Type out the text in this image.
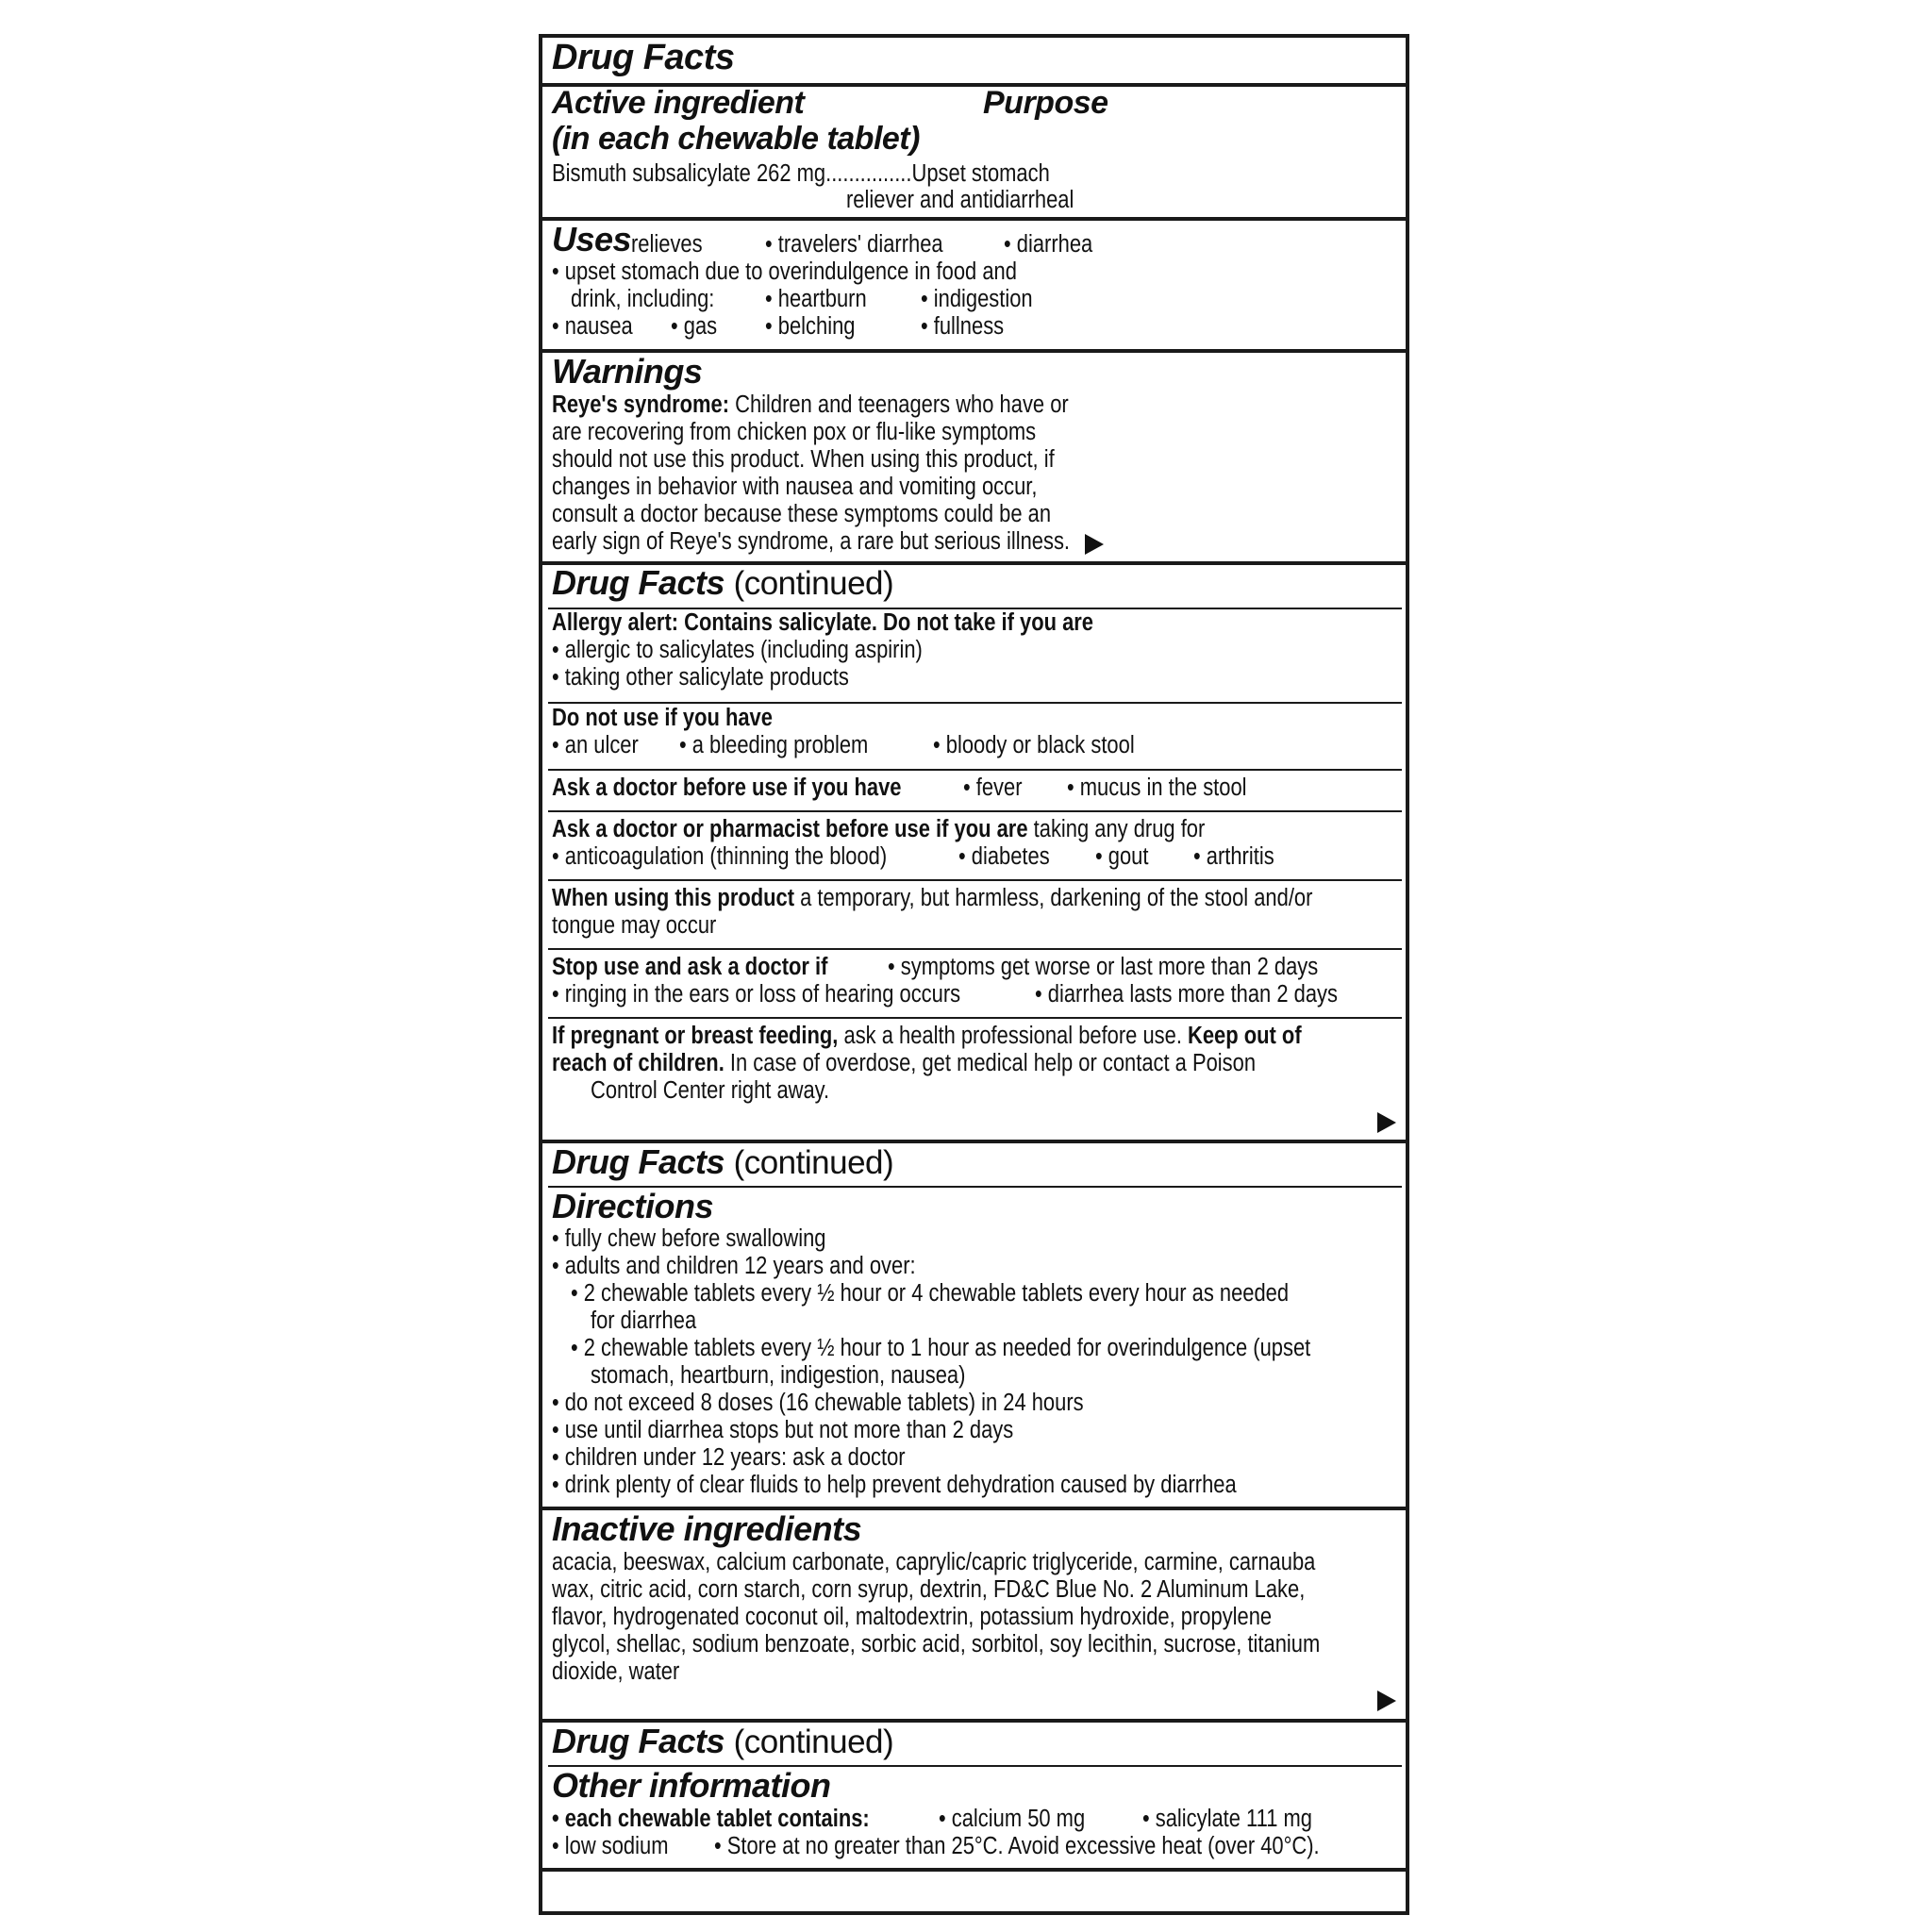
Drug Facts
Active ingredient	Purpose
(in each chewable tablet)
Bismuth subsalicylate 262 mg...............Upset stomach
reliever and antidiarrheal
Uses relieves	• travelers' diarrhea	• diarrhea
• upset stomach due to overindulgence in food and
drink, including: • heartburn • indigestion
• nausea • gas • belching	• fullness
Warnings
Reye's syndrome: Children and teenagers who have or
are recovering from chicken pox or flu-like symptoms
should not use this product. When using this product, if
changes in behavior with nausea and vomiting occur,
consult a doctor because these symptoms could be an
early sign of Reye's syndrome, a rare but serious illness.
Drug Facts (continued)
Allergy alert: Contains salicylate. Do not take if you are
• allergic to salicylates (including aspirin)
• taking other salicylate products
Do not use if you have
• an ulcer • a bleeding problem	• bloody or black stool
Ask a doctor before use if you have	• fever • mucus in the stool
Ask a doctor or pharmacist before use if you are taking any drug for
• anticoagulation (thinning the blood)	• diabetes • gout • arthritis
When using this product a temporary, but harmless, darkening of the stool and/or
tongue may occur
Stop use and ask a doctor if • symptoms get worse or last more than 2 days
• ringing in the ears or loss of hearing occurs	• diarrhea lasts more than 2 days
If pregnant or breast feeding, ask a health professional before use. Keep out of
reach of children. In case of overdose, get medical help or contact a Poison
Control Center right away.
Drug Facts (continued)
Directions
• fully chew before swallowing
• adults and children 12 years and over:
• 2 chewable tablets every ½ hour or 4 chewable tablets every hour as needed
for diarrhea
• 2 chewable tablets every ½ hour to 1 hour as needed for overindulgence (upset
stomach, heartburn, indigestion, nausea)
• do not exceed 8 doses (16 chewable tablets) in 24 hours
• use until diarrhea stops but not more than 2 days
• children under 12 years: ask a doctor
• drink plenty of clear fluids to help prevent dehydration caused by diarrhea
Inactive ingredients
acacia, beeswax, calcium carbonate, caprylic/capric triglyceride, carmine, carnauba
wax, citric acid, corn starch, corn syrup, dextrin, FD&C Blue No. 2 Aluminum Lake,
flavor, hydrogenated coconut oil, maltodextrin, potassium hydroxide, propylene
glycol, shellac, sodium benzoate, sorbic acid, sorbitol, soy lecithin, sucrose, titanium
dioxide, water
Drug Facts (continued)
Other information
• each chewable tablet contains:	• calcium 50 mg • salicylate 111 mg
• low sodium • Store at no greater than 25°C. Avoid excessive heat (over 40°C).
